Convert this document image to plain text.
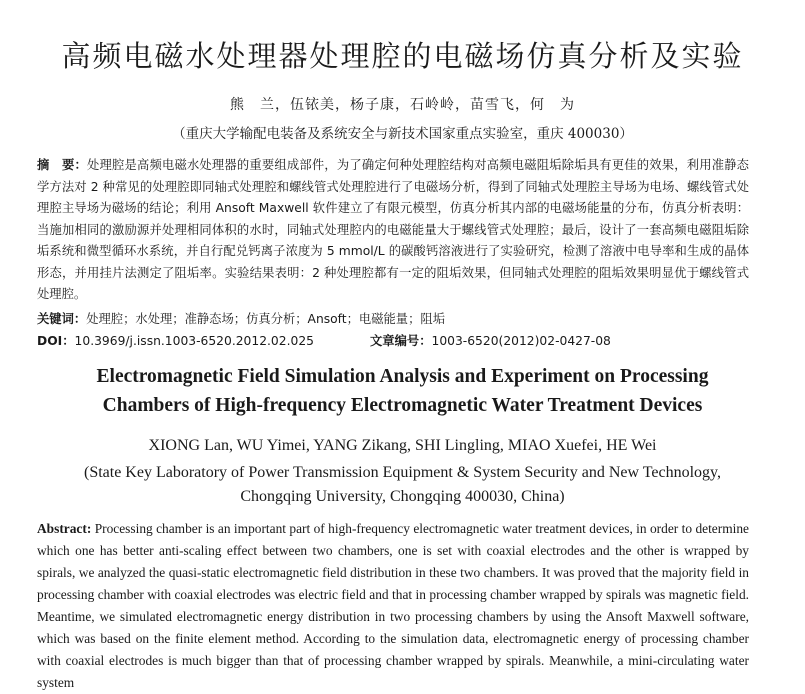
高频电磁水处理器处理腔的电磁场仿真分析及实验
熊　兰，伍铱美，杨子康，石岭岭，苗雪飞，何　为
（重庆大学输配电装备及系统安全与新技术国家重点实验室，重庆 400030）
摘　要：处理腔是高频电磁水处理器的重要组成部件，为了确定何种处理腔结构对高频电磁阻垢除垢具有更佳的效果，利用准静态学方法对 2 种常见的处理腔即同轴式处理腔和螺线管式处理腔进行了电磁场分析，得到了同轴式处理腔主导场为电场、螺线管式处理腔主导场为磁场的结论；利用 Ansoft Maxwell 软件建立了有限元模型，仿真分析其内部的电磁场能量的分布，仿真分析表明：当施加相同的激励源并处理相同体积的水时，同轴式处理腔内的电磁能量大于螺线管式处理腔；最后，设计了一套高频电磁阻垢除垢系统和微型循环水系统，并自行配兑钙离子浓度为 5 mmol/L 的碳酸钙溶液进行了实验研究，检测了溶液中电导率和生成的晶体形态，并用挂片法测定了阻垢率。实验结果表明：2 种处理腔都有一定的阻垢效果，但同轴式处理腔的阻垢效果明显优于螺线管式处理腔。
关键词：处理腔；水处理；准静态场；仿真分析；Ansoft；电磁能量；阻垢
DOI：10.3969/j.issn.1003-6520.2012.02.025	文章编号：1003-6520(2012)02-0427-08
Electromagnetic Field Simulation Analysis and Experiment on Processing
Chambers of High-frequency Electromagnetic Water Treatment Devices
XIONG Lan, WU Yimei, YANG Zikang, SHI Lingling, MIAO Xuefei, HE Wei
(State Key Laboratory of Power Transmission Equipment & System Security and New Technology,
Chongqing University, Chongqing 400030, China)
Abstract: Processing chamber is an important part of high-frequency electromagnetic water treatment devices, in order to determine which one has better anti-scaling effect between two chambers, one is set with coaxial electrodes and the other is wrapped by spirals, we analyzed the quasi-static electromagnetic field distribution in these two chambers. It was proved that the majority field in processing chamber with coaxial electrodes was electric field and that in processing chamber wrapped by spirals was magnetic field. Meantime, we simulated electromagnetic energy distribution in two processing chambers by using the Ansoft Maxwell software, which was based on the finite element method. According to the simulation data, electromagnetic energy of processing chamber with coaxial electrodes is much bigger than that of processing chamber wrapped by spirals. Meanwhile, a mini-circulating water system
